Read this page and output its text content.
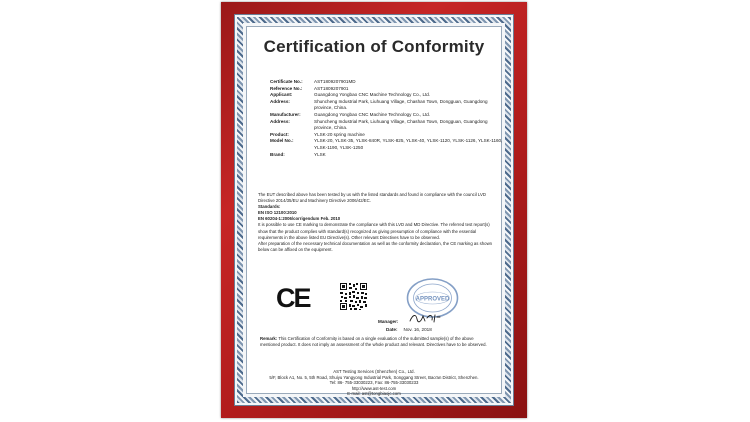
Certification of Conformity
Certificate No.:	AST1809207901MD
Reference No.:	AST1809207901
Applicant:	Guangdong Yongbao CNC Machine Technology Co., Ltd.
Address:	Shuncheng Industrial Park, Liuhuang Village, Chashan Town, Dongguan, Guangdong province, China.
Manufacturer:	Guangdong Yongbao CNC Machine Technology Co., Ltd.
Address:	Shuncheng Industrial Park, Liuhuang Village, Chashan Town, Dongguan, Guangdong province, China.
Product:	YLSK-20 spring machine
Model No.:	YLSK-20, YLSK-35, YLSK-840R, YLSK-825, YLSK-40, YLSK-1120, YLSK-1126, YLSK-1160, YLSK-1190, YLSK-1250
Brand:	YLSK

The EUT described above has been tested by us with the listed standards and found in compliance with the council LVD Directive 2014/35/EU and Machinery Directive 2006/42/EC.

Standards:

EN ISO 12100:2010

EN 60204-1:2006/corrigendum Feb. 2010

It is possible to use CE marking to demonstrate the compliance with this LVD and MD Directive. The referred test report(s) show that the product complies with standard(s) recognized as giving presumption of compliance with the essential requirements in the above listed EU Directive(s). Other relevant Directives have to be observed.

After preparation of the necessary technical documentation as well as the conformity declaration, the CE marking as shown below can be affixed on the equipment.

CE	APPROVED
Manager:
Date: Nov. 16, 2018
Remark: This Certification of Conformity is based on a single evaluation of the submitted sample(s) of the above mentioned product. It does not imply an assessment of the whole product and relevant. Directives have to be observed.
AST Testing Services (Shenzhen) Co., Ltd.
5/F, Block A1, No. 5, 5th Road, Shuiyu Yangyong Industrial Park, Songgang Street, Bao'an District, Shenzhen.
Tel: 86- 755-33030223, Fax: 86-755-33030233
http://www.ast-test.com
E-mail: ast@tongbiaojc.com
